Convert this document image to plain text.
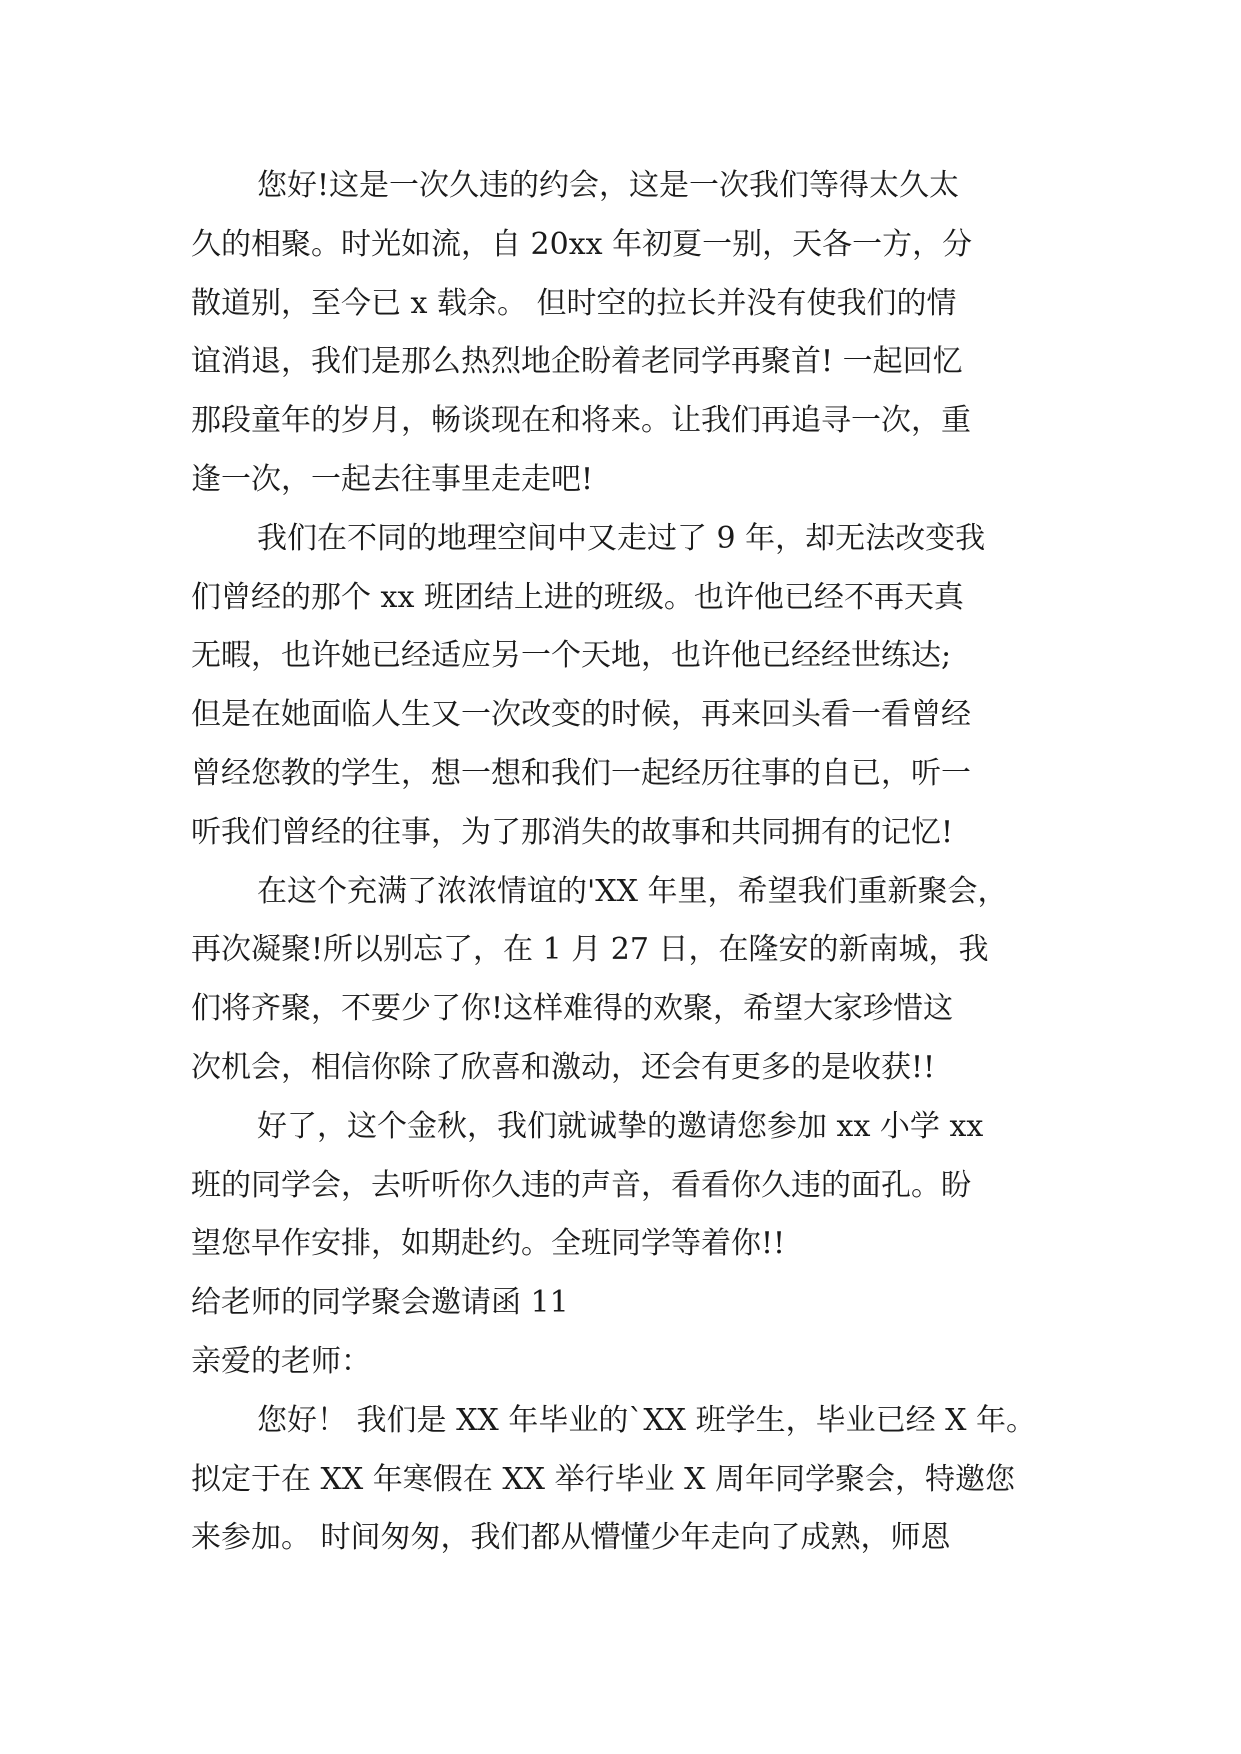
您好!这是一次久违的约会，这是一次我们等得太久太
久的相聚。时光如流，自 20xx 年初夏一别，天各一方，分
散道别，至今已 x 载余。 但时空的拉长并没有使我们的情
谊消退，我们是那么热烈地企盼着老同学再聚首! 一起回忆
那段童年的岁月，畅谈现在和将来。让我们再追寻一次，重
逢一次，一起去往事里走走吧!
我们在不同的地理空间中又走过了 9 年，却无法改变我
们曾经的那个 xx 班团结上进的班级。也许他已经不再天真
无暇，也许她已经适应另一个天地，也许他已经经世练达;
但是在她面临人生又一次改变的时候，再来回头看一看曾经
曾经您教的学生，想一想和我们一起经历往事的自已，听一
听我们曾经的往事，为了那消失的故事和共同拥有的记忆!
在这个充满了浓浓情谊的'XX 年里，希望我们重新聚会，
再次凝聚!所以别忘了，在 1 月 27 日，在隆安的新南城，我
们将齐聚，不要少了你!这样难得的欢聚，希望大家珍惜这
次机会，相信你除了欣喜和激动，还会有更多的是收获!!
好了，这个金秋，我们就诚挚的邀请您参加 xx 小学 xx
班的同学会，去听听你久违的声音，看看你久违的面孔。盼
望您早作安排，如期赴约。全班同学等着你!!
给老师的同学聚会邀请函 11
亲爱的老师：
您好！ 我们是 XX 年毕业的`XX 班学生，毕业已经 X 年。
拟定于在 XX 年寒假在 XX 举行毕业 X 周年同学聚会，特邀您
来参加。 时间匆匆，我们都从懵懂少年走向了成熟，师恩
